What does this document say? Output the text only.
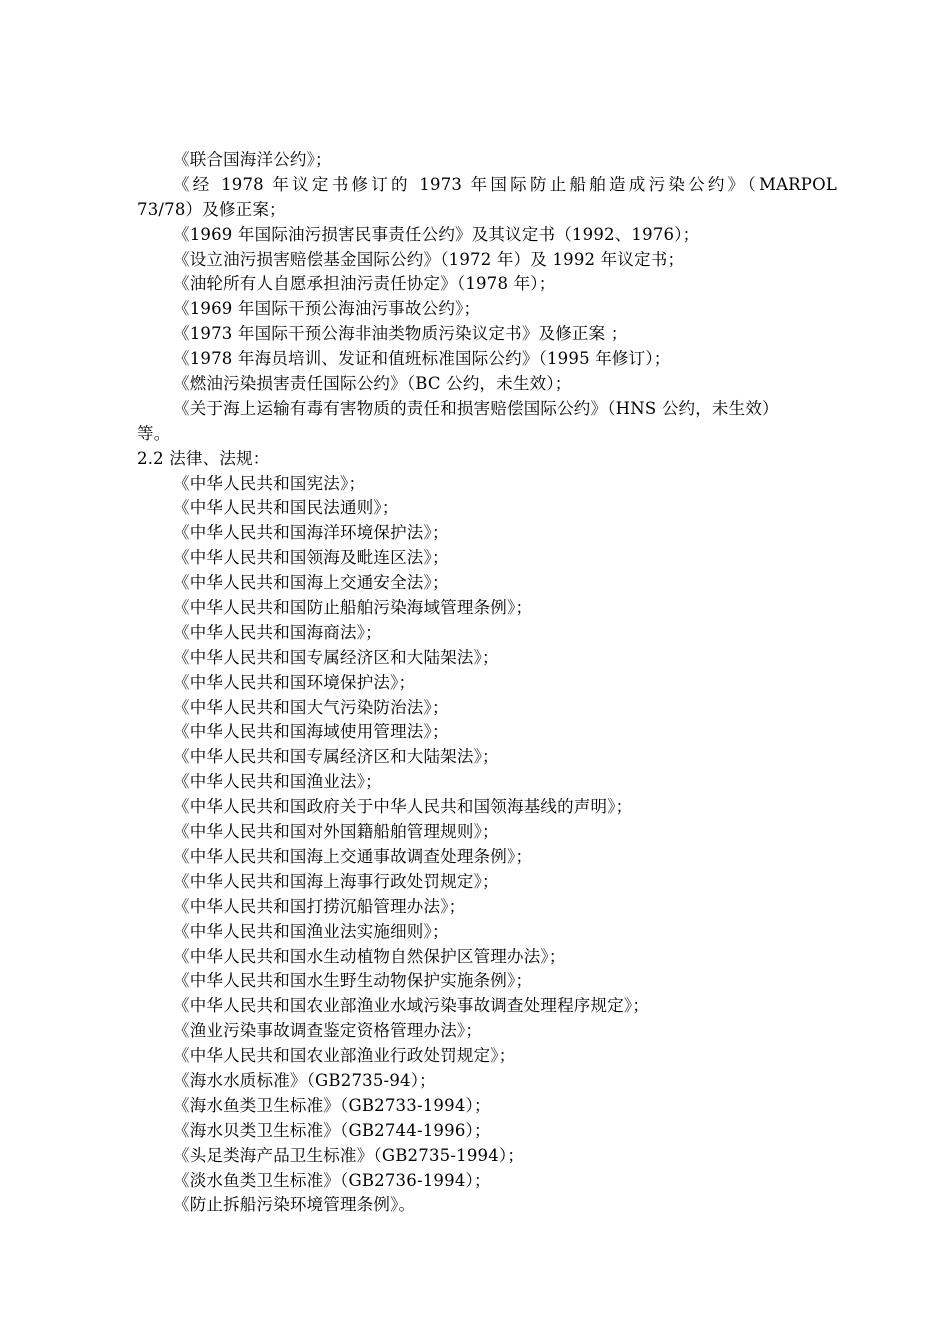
《联合国海洋公约》；
《经 1978 年议定书修订的 1973 年国际防止船舶造成污染公约》（MARPOL
73/78）及修正案；
《1969 年国际油污损害民事责任公约》及其议定书（1992、1976）；
《设立油污损害赔偿基金国际公约》（1972 年）及 1992 年议定书；
《油轮所有人自愿承担油污责任协定》（1978 年）；
《1969 年国际干预公海油污事故公约》；
《1973 年国际干预公海非油类物质污染议定书》及修正案 ；
《1978 年海员培训、发证和值班标准国际公约》（1995 年修订）；
《燃油污染损害责任国际公约》（BC 公约，未生效）；
《关于海上运输有毒有害物质的责任和损害赔偿国际公约》（HNS 公约，未生效）
等。
2.2 法律、法规：
《中华人民共和国宪法》；
《中华人民共和国民法通则》；
《中华人民共和国海洋环境保护法》；
《中华人民共和国领海及毗连区法》；
《中华人民共和国海上交通安全法》；
《中华人民共和国防止船舶污染海域管理条例》；
《中华人民共和国海商法》；
《中华人民共和国专属经济区和大陆架法》；
《中华人民共和国环境保护法》；
《中华人民共和国大气污染防治法》；
《中华人民共和国海域使用管理法》；
《中华人民共和国专属经济区和大陆架法》；
《中华人民共和国渔业法》；
《中华人民共和国政府关于中华人民共和国领海基线的声明》；
《中华人民共和国对外国籍船舶管理规则》；
《中华人民共和国海上交通事故调查处理条例》；
《中华人民共和国海上海事行政处罚规定》；
《中华人民共和国打捞沉船管理办法》；
《中华人民共和国渔业法实施细则》；
《中华人民共和国水生动植物自然保护区管理办法》；
《中华人民共和国水生野生动物保护实施条例》；
《中华人民共和国农业部渔业水域污染事故调查处理程序规定》；
《渔业污染事故调查鉴定资格管理办法》；
《中华人民共和国农业部渔业行政处罚规定》；
《海水水质标准》（GB2735-94）；
《海水鱼类卫生标准》（GB2733-1994）；
《海水贝类卫生标准》（GB2744-1996）；
《头足类海产品卫生标准》（GB2735-1994）；
《淡水鱼类卫生标准》（GB2736-1994）；
《防止拆船污染环境管理条例》。
